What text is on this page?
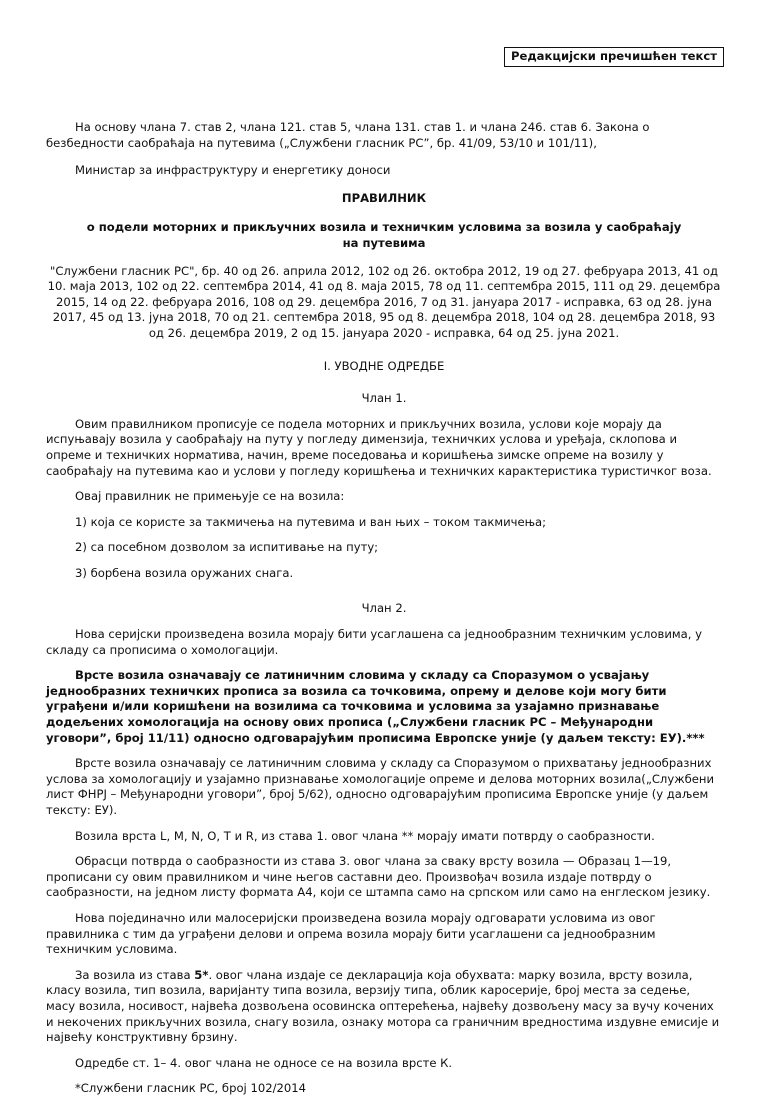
Редакцијски пречишћен текст

На основу члана 7. став 2, члана 121. став 5, члана 131. став 1. и члана 246. став 6. Закона о безбедности саобраћаја на путевима („Службени гласник РС”, бр. 41/09, 53/10 и 101/11),

Министар за инфраструктуру и енергетику доноси

ПРАВИЛНИК

о подели моторних и прикључних возила и техничким условима за возила у саобраћају на путевима

"Службени гласник РС", бр. 40 од 26. априла 2012, 102 од 26. октобра 2012, 19 од 27. фебруара 2013, 41 од 10. маја 2013, 102 од 22. септембра 2014, 41 од 8. маја 2015, 78 од 11. септембра 2015, 111 од 29. децембра 2015, 14 од 22. фебруара 2016, 108 од 29. децембра 2016, 7 од 31. јануара 2017 - исправка, 63 од 28. јуна 2017, 45 од 13. јуна 2018, 70 од 21. септембра 2018, 95 од 8. децембра 2018, 104 од 28. децембра 2018, 93 од 26. децембра 2019, 2 од 15. јануара 2020 - исправка, 64 од 25. јуна 2021.

I. УВОДНЕ ОДРЕДБЕ

Члан 1.

Овим правилником прописује се подела моторних и прикључних возила, услови које морају да испуњавају возила у саобраћају на путу у погледу димензија, техничких услова и уређаја, склопова и опреме и техничких норматива, начин, време поседовања и коришћења зимске опреме на возилу у саобраћају на путевима као и услови у погледу коришћења и техничких карактеристика туристичког воза.

Овај правилник не примењује се на возила:

1) која се користе за такмичења на путевима и ван њих – током такмичења;

2) са посебном дозволом за испитивање на путу;

3) борбена возила оружаних снага.

Члан 2.

Нова серијски произведена возила морају бити усаглашена са једнообразним техничким условима, у складу са прописима о хомологацији.

Врсте возила означавају се латиничним словима у складу са Споразумом о усвајању једнообразних техничких прописа за возила са точковима, опрему и делове који могу бити уграђени и/или коришћени на возилима са точковима и условима за узајамно признавање додељених хомологација на основу ових прописа („Службени гласник РС – Међународни уговори”, број 11/11) односно одговарајућим прописима Европске уније (у даљем тексту: ЕУ).***

Врсте возила означавају се латиничним словима у складу са Споразумом о прихватању једнообразних услова за хомологацију и узајамно признавање хомологације опреме и делова моторних возила(„Службени лист ФНРЈ – Међународни уговори”, број 5/62), односно одговарајућим прописима Европске уније (у даљем тексту: ЕУ).

Возила врста L, M, N, O, T и R, из става 1. овог члана ** морају имати потврду о саобразности.

Обрасци потврда о саобразности из става 3. овог члана за сваку врсту возила — Образац 1—19, прописани су овим правилником и чине његов саставни део. Произвођач возила издаје потврду о саобразности, на једном листу формата А4, који се штампа само на српском или само на енглеском језику.

Нова појединачно или малосеријски произведена возила морају одговарати условима из овог правилника с тим да уграђени делови и опрема возила морају бити усаглашени са једнообразним техничким условима.

За возила из става 5*. овог члана издаје се декларација која обухвата: марку возила, врсту возила, класу возила, тип возила, варијанту типа возила, верзију типа, облик каросерије, број места за седење, масу возила, носивост, највећа дозвољена осовинска оптерећења, највећу дозвољену масу за вучу кочених и некочених прикључних возила, снагу возила, ознаку мотора са граничним вредностима издувне емисије и највећу конструктивну брзину.

Одредбе ст. 1– 4. овог члана не односе се на возила врсте К.

*Службени гласник РС, број 102/2014
